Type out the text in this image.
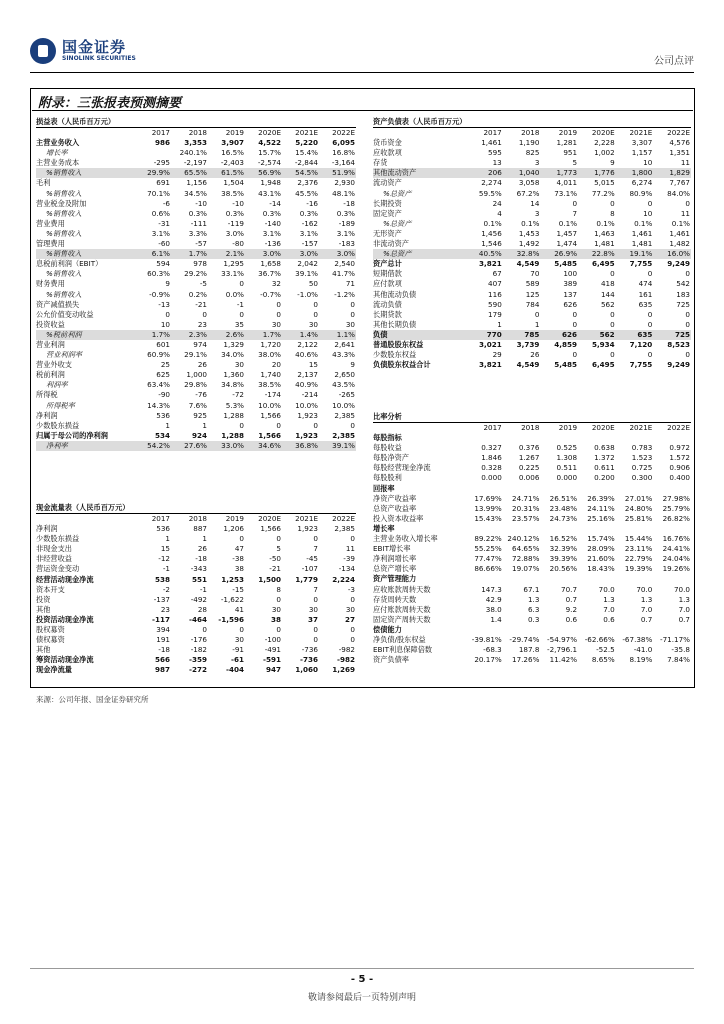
国金证券
SINOLINK SECURITIES	公司点评
附录：三张报表预测摘要
损益表（人民币百万元）
	2017	2018	2019	2020E	2021E	2022E
主营业务收入	986	3,353	3,907	4,522	5,220	6,095
增长率		240.1%	16.5%	15.7%	15.4%	16.8%
主营业务成本	-295	-2,197	-2,403	-2,574	-2,844	-3,164
%销售收入	29.9%	65.5%	61.5%	56.9%	54.5%	51.9%
毛利	691	1,156	1,504	1,948	2,376	2,930
%销售收入	70.1%	34.5%	38.5%	43.1%	45.5%	48.1%
营业税金及附加	-6	-10	-10	-14	-16	-18
%销售收入	0.6%	0.3%	0.3%	0.3%	0.3%	0.3%
营业费用	-31	-111	-119	-140	-162	-189
%销售收入	3.1%	3.3%	3.0%	3.1%	3.1%	3.1%
管理费用	-60	-57	-80	-136	-157	-183
%销售收入	6.1%	1.7%	2.1%	3.0%	3.0%	3.0%
息税前利润（EBIT）	594	978	1,295	1,658	2,042	2,540
%销售收入	60.3%	29.2%	33.1%	36.7%	39.1%	41.7%
财务费用	9	-5	0	32	50	71
%销售收入	-0.9%	0.2%	0.0%	-0.7%	-1.0%	-1.2%
资产减值损失	-13	-21	-1	0	0	0
公允价值变动收益	0	0	0	0	0	0
投资收益	10	23	35	30	30	30
%税前利润	1.7%	2.3%	2.6%	1.7%	1.4%	1.1%
营业利润	601	974	1,329	1,720	2,122	2,641
营业利润率	60.9%	29.1%	34.0%	38.0%	40.6%	43.3%
营业外收支	25	26	30	20	15	9
税前利润	625	1,000	1,360	1,740	2,137	2,650
利润率	63.4%	29.8%	34.8%	38.5%	40.9%	43.5%
所得税	-90	-76	-72	-174	-214	-265
所得税率	14.3%	7.6%	5.3%	10.0%	10.0%	10.0%
净利润	536	925	1,288	1,566	1,923	2,385
少数股东损益	1	1	0	0	0	0
归属于母公司的净利润	534	924	1,288	1,566	1,923	2,385
净利率	54.2%	27.6%	33.0%	34.6%	36.8%	39.1%
现金流量表（人民币百万元）
	2017	2018	2019	2020E	2021E	2022E
净利润	536	887	1,206	1,566	1,923	2,385
少数股东损益	1	1	0	0	0	0
非现金支出	15	26	47	5	7	11
非经营收益	-12	-18	-38	-50	-45	-39
营运资金变动	-1	-343	38	-21	-107	-134
经营活动现金净流	538	551	1,253	1,500	1,779	2,224
资本开支	-2	-1	-15	8	7	-3
投资	-137	-492	-1,622	0	0	0
其他	23	28	41	30	30	30
投资活动现金净流	-117	-464	-1,596	38	37	27
股权募资	394	0	0	0	0	0
债权募资	191	-176	30	-100	0	0
其他	-18	-182	-91	-491	-736	-982
筹资活动现金净流	566	-359	-61	-591	-736	-982
现金净流量	987	-272	-404	947	1,060	1,269
资产负债表（人民币百万元）
	2017	2018	2019	2020E	2021E	2022E
货币资金	1,461	1,190	1,281	2,228	3,307	4,576
应收款项	595	825	951	1,002	1,157	1,351
存货	13	3	5	9	10	11
其他流动资产	206	1,040	1,773	1,776	1,800	1,829
流动资产	2,274	3,058	4,011	5,015	6,274	7,767
%总资产	59.5%	67.2%	73.1%	77.2%	80.9%	84.0%
长期投资	24	14	0	0	0	0
固定资产	4	3	7	8	10	11
%总资产	0.1%	0.1%	0.1%	0.1%	0.1%	0.1%
无形资产	1,456	1,453	1,457	1,463	1,461	1,461
非流动资产	1,546	1,492	1,474	1,481	1,481	1,482
%总资产	40.5%	32.8%	26.9%	22.8%	19.1%	16.0%
资产总计	3,821	4,549	5,485	6,495	7,755	9,249
短期借款	67	70	100	0	0	0
应付款项	407	589	389	418	474	542
其他流动负债	116	125	137	144	161	183
流动负债	590	784	626	562	635	725
长期贷款	179	0	0	0	0	0
其他长期负债	1	1	0	0	0	0
负债	770	785	626	562	635	725
普通股股东权益	3,021	3,739	4,859	5,934	7,120	8,523
少数股东权益	29	26	0	0	0	0
负债股东权益合计	3,821	4,549	5,485	6,495	7,755	9,249
比率分析
	2017	2018	2019	2020E	2021E	2022E
每股指标						
每股收益	0.327	0.376	0.525	0.638	0.783	0.972
每股净资产	1.846	1.267	1.308	1.372	1.523	1.572
每股经营现金净流	0.328	0.225	0.511	0.611	0.725	0.906
每股股利	0.000	0.006	0.000	0.200	0.300	0.400
回报率						
净资产收益率	17.69%	24.71%	26.51%	26.39%	27.01%	27.98%
总资产收益率	13.99%	20.31%	23.48%	24.11%	24.80%	25.79%
投入资本收益率	15.43%	23.57%	24.73%	25.16%	25.81%	26.82%
增长率						
主营业务收入增长率	89.22%	240.12%	16.52%	15.74%	15.44%	16.76%
EBIT增长率	55.25%	64.65%	32.39%	28.09%	23.11%	24.41%
净利润增长率	77.47%	72.88%	39.39%	21.60%	22.79%	24.04%
总资产增长率	86.66%	19.07%	20.56%	18.43%	19.39%	19.26%
资产管理能力						
应收账款周转天数	147.3	67.1	70.7	70.0	70.0	70.0
存货周转天数	42.9	1.3	0.7	1.3	1.3	1.3
应付账款周转天数	38.0	6.3	9.2	7.0	7.0	7.0
固定资产周转天数	1.4	0.3	0.6	0.6	0.7	0.7
偿债能力						
净负债/股东权益	-39.81%	-29.74%	-54.97%	-62.66%	-67.38%	-71.17%
EBIT利息保障倍数	-68.3	187.8	-2,796.1	-52.5	-41.0	-35.8
资产负债率	20.17%	17.26%	11.42%	8.65%	8.19%	7.84%
来源：公司年报、国金证券研究所
- 5 -
敬请参阅最后一页特别声明
